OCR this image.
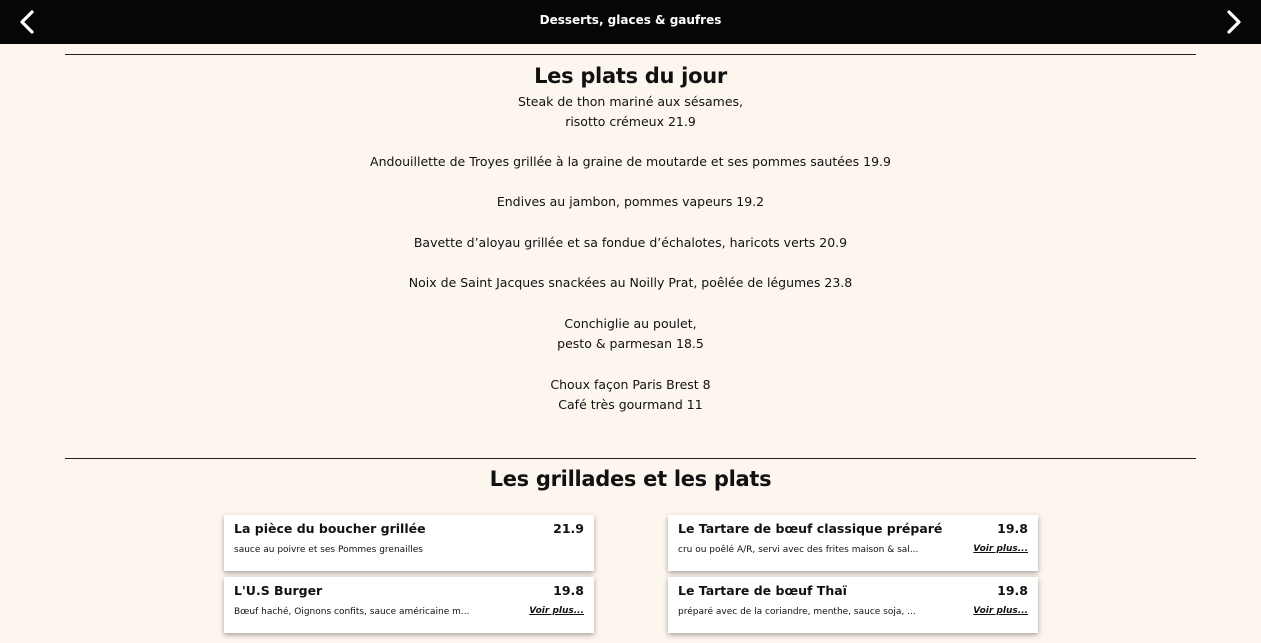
Desserts, glaces & gaufres
Les plats du jour
Steak de thon mariné aux sésames,
risotto crémeux 21.9
Andouillette de Troyes grillée à la graine de moutarde et ses pommes sautées 19.9
Endives au jambon, pommes vapeurs 19.2
Bavette d’aloyau grillée et sa fondue d’échalotes, haricots verts 20.9
Noix de Saint Jacques snackées au Noilly Prat, poêlée de légumes 23.8
Conchiglie au poulet,
pesto & parmesan 18.5
Choux façon Paris Brest 8
Café très gourmand 11
Les grillades et les plats
La pièce du boucher grillée	21.9
sauce au poivre et ses Pommes grenailles
Le Tartare de bœuf classique préparé	19.8
cru ou poêlé A/R, servi avec des frites maison & sal...	Voir plus...
L'U.S Burger	19.8
Bœuf haché, Oignons confits, sauce américaine m...	Voir plus...
Le Tartare de bœuf Thaï	19.8
préparé avec de la coriandre, menthe, sauce soja, ...	Voir plus...
